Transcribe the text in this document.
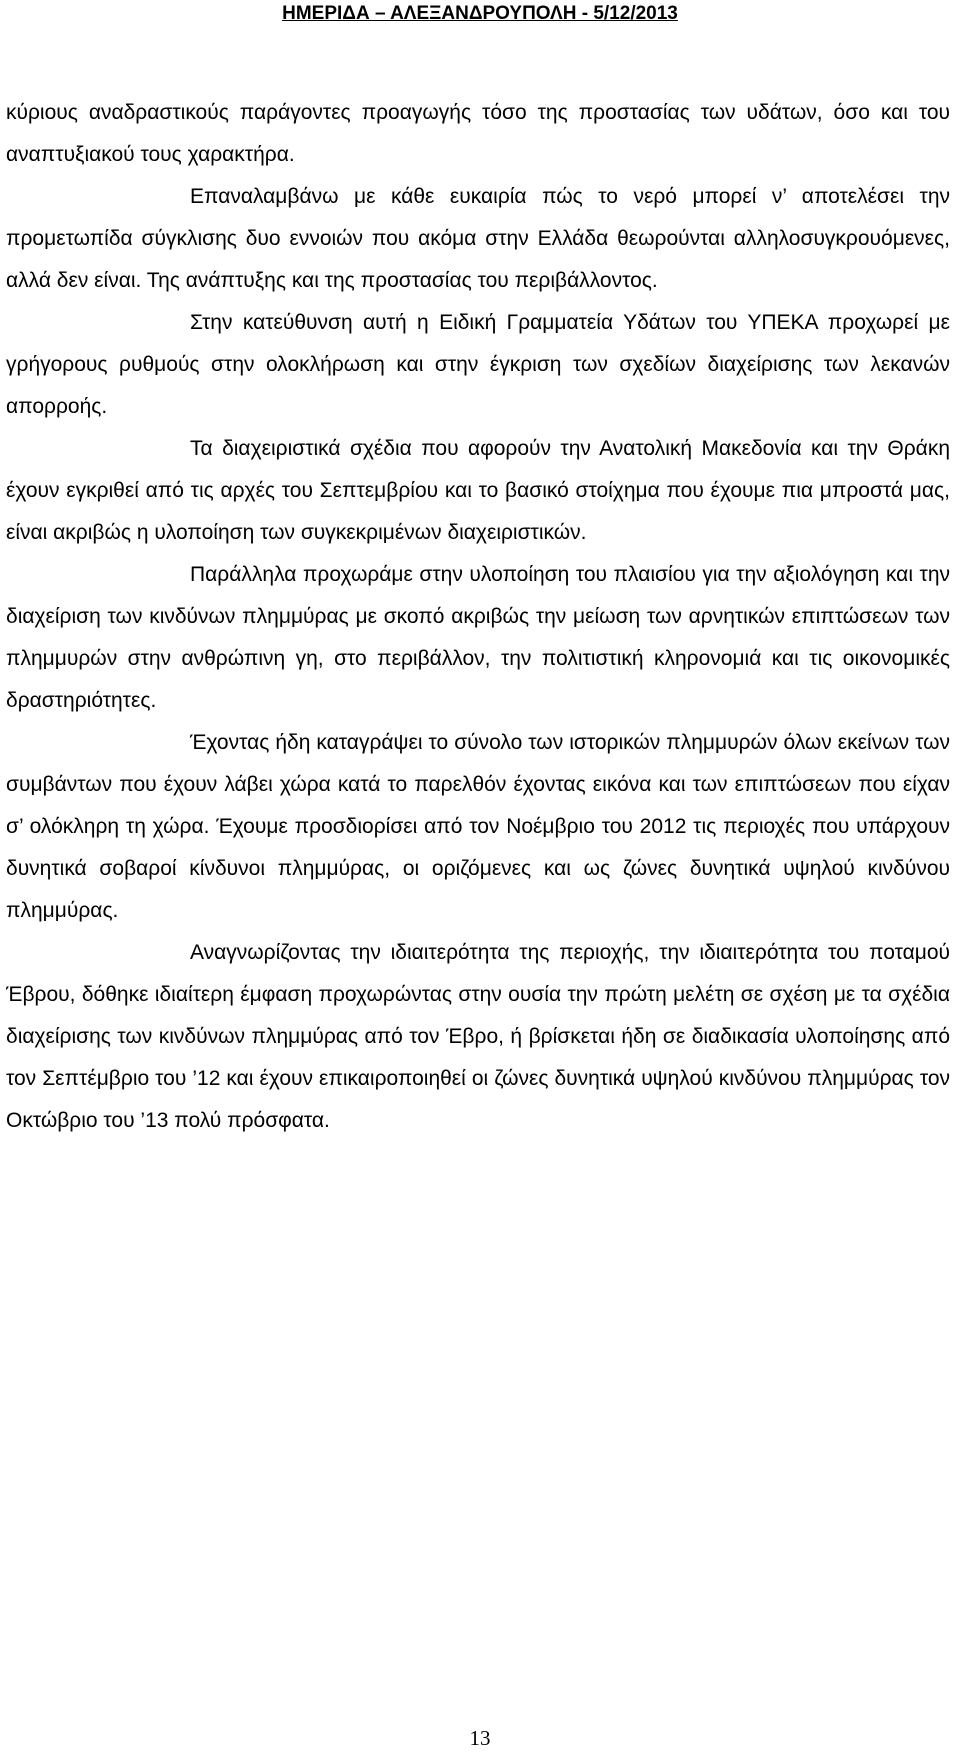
ΗΜΕΡΙΔΑ – ΑΛΕΞΑΝΔΡΟΥΠΟΛΗ - 5/12/2013

κύριους αναδραστικούς παράγοντες προαγωγής τόσο της προστασίας των υδάτων, όσο και του αναπτυξιακού τους χαρακτήρα.

Επαναλαμβάνω με κάθε ευκαιρία πώς το νερό μπορεί ν’ αποτελέσει την προμετωπίδα σύγκλισης δυο εννοιών που ακόμα στην Ελλάδα θεωρούνται αλληλοσυγκρουόμενες, αλλά δεν είναι. Της ανάπτυξης και της προστασίας του περιβάλλοντος.

Στην κατεύθυνση αυτή η Ειδική Γραμματεία Υδάτων του ΥΠΕΚΑ προχωρεί με γρήγορους ρυθμούς στην ολοκλήρωση και στην έγκριση των σχεδίων διαχείρισης των λεκανών απορροής.

Τα διαχειριστικά σχέδια που αφορούν την Ανατολική Μακεδονία και την Θράκη έχουν εγκριθεί από τις αρχές του Σεπτεμβρίου και το βασικό στοίχημα που έχουμε πια μπροστά μας, είναι ακριβώς η υλοποίηση των συγκεκριμένων διαχειριστικών.

Παράλληλα προχωράμε στην υλοποίηση του πλαισίου για την αξιολόγηση και την διαχείριση των κινδύνων πλημμύρας με σκοπό ακριβώς την μείωση των αρνητικών επιπτώσεων των πλημμυρών στην ανθρώπινη γη, στο περιβάλλον, την πολιτιστική κληρονομιά και τις οικονομικές δραστηριότητες.

Έχοντας ήδη καταγράψει το σύνολο των ιστορικών πλημμυρών όλων εκείνων των συμβάντων που έχουν λάβει χώρα κατά το παρελθόν έχοντας εικόνα και των επιπτώσεων που είχαν σ’ ολόκληρη τη χώρα. Έχουμε προσδιορίσει από τον Νοέμβριο του 2012 τις περιοχές που υπάρχουν δυνητικά σοβαροί κίνδυνοι πλημμύρας, οι οριζόμενες και ως ζώνες δυνητικά υψηλού κινδύνου πλημμύρας.

Αναγνωρίζοντας την ιδιαιτερότητα της περιοχής, την ιδιαιτερότητα του ποταμού Έβρου, δόθηκε ιδιαίτερη έμφαση προχωρώντας στην ουσία την πρώτη μελέτη σε σχέση με τα σχέδια διαχείρισης των κινδύνων πλημμύρας από τον Έβρο, ή βρίσκεται ήδη σε διαδικασία υλοποίησης από τον Σεπτέμβριο του ’12 και έχουν επικαιροποιηθεί οι ζώνες δυνητικά υψηλού κινδύνου πλημμύρας τον Οκτώβριο του ’13 πολύ πρόσφατα.

13
